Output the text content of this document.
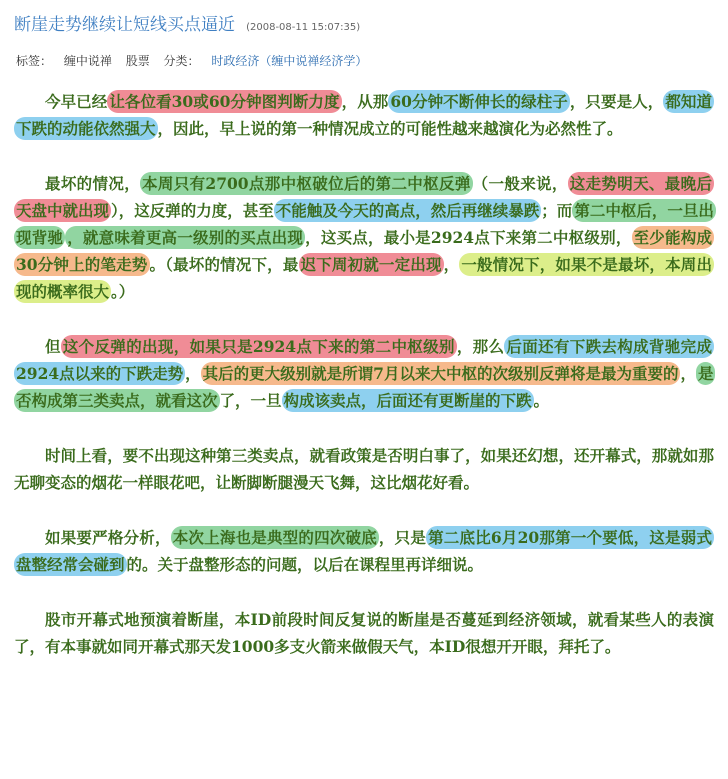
断崖走势继续让短线买点逼近 (2008-08-11 15:07:35)
标签： 缠中说禅 股票 分类： 时政经济（缠中说禅经济学）

今早已经 让各位看30或60分钟图判断力度 ，从那 60分钟不断伸长的绿柱子 ，只要是人， 都知道下跌的动能依然强大 ，因此，早上说的第一种情况成立的可能性越来越演化为必然性了。

最坏的情况， 本周只有2700点那中枢破位后的第二中枢反弹 （一般来说， 这走势明天、最晚后天盘中就出现 ），这反弹的力度，甚至 不能触及今天的高点，然后再继续暴跌 ；而 第二中枢后，一旦出现背驰 ，就意味着更高一级别的买点出现 ，这买点，最小是2924点下来第二中枢级别， 至少能构成30分钟上的笔走势 。（最坏的情况下，最 迟下周初就一定出现 ， 一般情况下，如果不是最坏，本周出现的概率很大 。）

但 这个反弹的出现，如果只是2924点下来的第二中枢级别 ，那么 后面还有下跌去构成背驰完成2924点以来的下跌走势 ， 其后的更大级别就是所谓7月以来大中枢的次级别反弹将是最为重要的 ， 是否构成第三类卖点，就看这次 了，一旦 构成该卖点，后面还有更断崖的下跌 。

时间上看，要不出现这种第三类卖点，就看政策是否明白事了，如果还幻想，还开幕式，那就如那无聊变态的烟花一样眼花吧，让断脚断腿漫天飞舞，这比烟花好看。

如果要严格分析， 本次上海也是典型的四次破底 ，只是 第二底比6月20那第一个要低，这是弱式盘整经常会碰到 的。关于盘整形态的问题，以后在课程里再详细说。

股市开幕式地预演着断崖，本ID前段时间反复说的断崖是否蔓延到经济领域，就看某些人的表演了，有本事就如同开幕式那天发1000多支火箭来做假天气，本ID很想开开眼，拜托了。
